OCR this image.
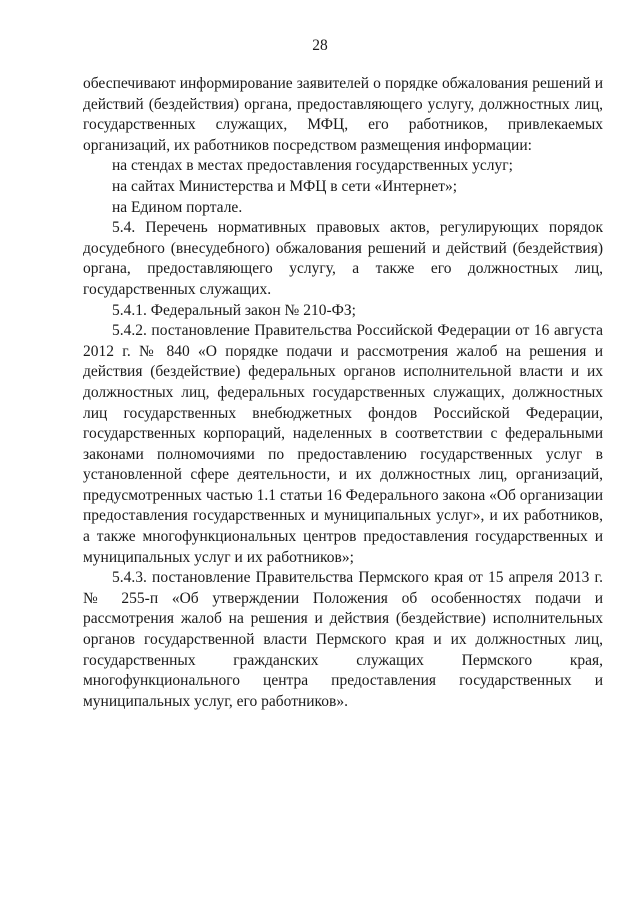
28

обеспечивают информирование заявителей о порядке обжалования решений и действий (бездействия) органа, предоставляющего услугу, должностных лиц, государственных служащих, МФЦ, его работников, привлекаемых организаций, их работников посредством размещения информации:

на стендах в местах предоставления государственных услуг;

на сайтах Министерства и МФЦ в сети «Интернет»;

на Едином портале.

5.4. Перечень нормативных правовых актов, регулирующих порядок досудебного (внесудебного) обжалования решений и действий (бездействия) органа, предоставляющего услугу, а также его должностных лиц, государственных служащих.

5.4.1. Федеральный закон № 210-ФЗ;

5.4.2. постановление Правительства Российской Федерации от 16 августа 2012 г. № 840 «О порядке подачи и рассмотрения жалоб на решения и действия (бездействие) федеральных органов исполнительной власти и их должностных лиц, федеральных государственных служащих, должностных лиц государственных внебюджетных фондов Российской Федерации, государственных корпораций, наделенных в соответствии с федеральными законами полномочиями по предоставлению государственных услуг в установленной сфере деятельности, и их должностных лиц, организаций, предусмотренных частью 1.1 статьи 16 Федерального закона «Об организации предоставления государственных и муниципальных услуг», и их работников, а также многофункциональных центров предоставления государственных и муниципальных услуг и их работников»;

5.4.3. постановление Правительства Пермского края от 15 апреля 2013 г. № 255-п «Об утверждении Положения об особенностях подачи и рассмотрения жалоб на решения и действия (бездействие) исполнительных органов государственной власти Пермского края и их должностных лиц, государственных гражданских служащих Пермского края, многофункционального центра предоставления государственных и муниципальных услуг, его работников».
